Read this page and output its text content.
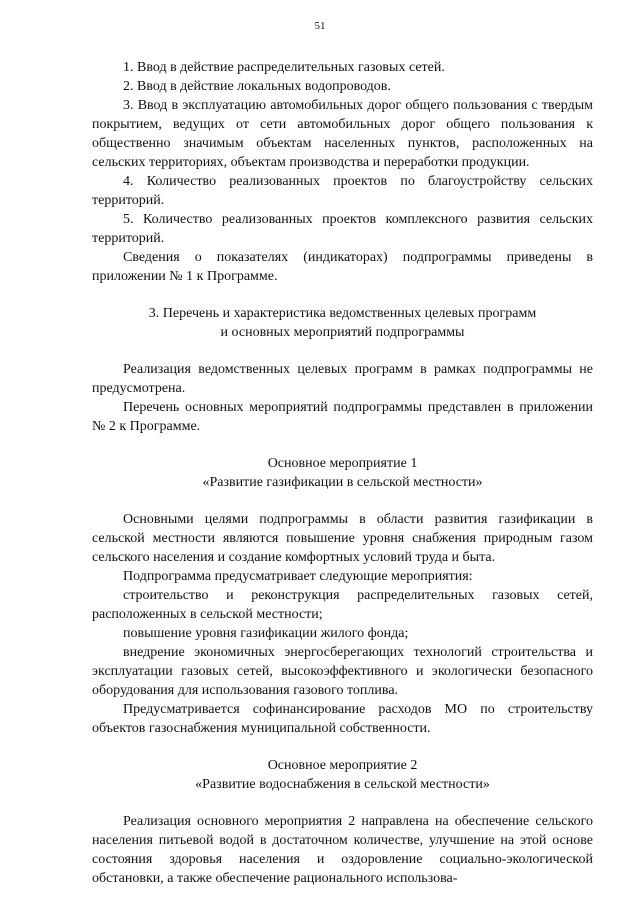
51

1. Ввод в действие распределительных газовых сетей.

2. Ввод в действие локальных водопроводов.

3. Ввод в эксплуатацию автомобильных дорог общего пользования с твердым покрытием, ведущих от сети автомобильных дорог общего пользования к общественно значимым объектам населенных пунктов, расположенных на сельских территориях, объектам производства и переработки продукции.

4. Количество реализованных проектов по благоустройству сельских территорий.

5. Количество реализованных проектов комплексного развития сельских территорий.

Сведения о показателях (индикаторах) подпрограммы приведены в приложении № 1 к Программе.

3. Перечень и характеристика ведомственных целевых программ

и основных мероприятий подпрограммы

Реализация ведомственных целевых программ в рамках подпрограммы не предусмотрена.

Перечень основных мероприятий подпрограммы представлен в приложении № 2 к Программе.

Основное мероприятие 1

«Развитие газификации в сельской местности»

Основными целями подпрограммы в области развития газификации в сельской местности являются повышение уровня снабжения природным газом сельского населения и создание комфортных условий труда и быта.

Подпрограмма предусматривает следующие мероприятия:

строительство и реконструкция распределительных газовых сетей, расположенных в сельской местности;

повышение уровня газификации жилого фонда;

внедрение экономичных энергосберегающих технологий строительства и эксплуатации газовых сетей, высокоэффективного и экологически безопасного оборудования для использования газового топлива.

Предусматривается софинансирование расходов МО по строительству объектов газоснабжения муниципальной собственности.

Основное мероприятие 2

«Развитие водоснабжения в сельской местности»

Реализация основного мероприятия 2 направлена на обеспечение сельского населения питьевой водой в достаточном количестве, улучшение на этой основе состояния здоровья населения и оздоровление социально-экологической обстановки, а также обеспечение рационального использова-
